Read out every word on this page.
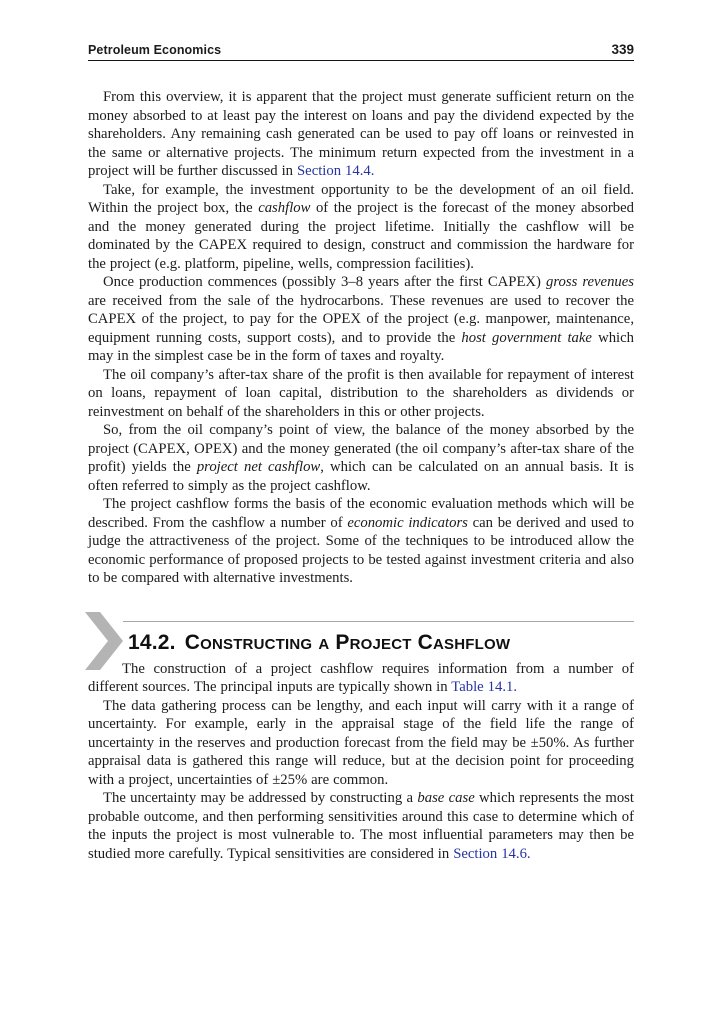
Petroleum Economics	339

From this overview, it is apparent that the project must generate sufficient return on the money absorbed to at least pay the interest on loans and pay the dividend expected by the shareholders. Any remaining cash generated can be used to pay off loans or reinvested in the same or alternative projects. The minimum return expected from the investment in a project will be further discussed in Section 14.4.

Take, for example, the investment opportunity to be the development of an oil field. Within the project box, the cashflow of the project is the forecast of the money absorbed and the money generated during the project lifetime. Initially the cashflow will be dominated by the CAPEX required to design, construct and commission the hardware for the project (e.g. platform, pipeline, wells, compression facilities).

Once production commences (possibly 3–8 years after the first CAPEX) gross revenues are received from the sale of the hydrocarbons. These revenues are used to recover the CAPEX of the project, to pay for the OPEX of the project (e.g. manpower, maintenance, equipment running costs, support costs), and to provide the host government take which may in the simplest case be in the form of taxes and royalty.

The oil company’s after-tax share of the profit is then available for repayment of interest on loans, repayment of loan capital, distribution to the shareholders as dividends or reinvestment on behalf of the shareholders in this or other projects.

So, from the oil company’s point of view, the balance of the money absorbed by the project (CAPEX, OPEX) and the money generated (the oil company’s after-tax share of the profit) yields the project net cashflow, which can be calculated on an annual basis. It is often referred to simply as the project cashflow.

The project cashflow forms the basis of the economic evaluation methods which will be described. From the cashflow a number of economic indicators can be derived and used to judge the attractiveness of the project. Some of the techniques to be introduced allow the economic performance of proposed projects to be tested against investment criteria and also to be compared with alternative investments.

14.2. Constructing a Project Cashflow

The construction of a project cashflow requires information from a number of different sources. The principal inputs are typically shown in Table 14.1.

The data gathering process can be lengthy, and each input will carry with it a range of uncertainty. For example, early in the appraisal stage of the field life the range of uncertainty in the reserves and production forecast from the field may be ±50%. As further appraisal data is gathered this range will reduce, but at the decision point for proceeding with a project, uncertainties of ±25% are common.

The uncertainty may be addressed by constructing a base case which represents the most probable outcome, and then performing sensitivities around this case to determine which of the inputs the project is most vulnerable to. The most influential parameters may then be studied more carefully. Typical sensitivities are considered in Section 14.6.
